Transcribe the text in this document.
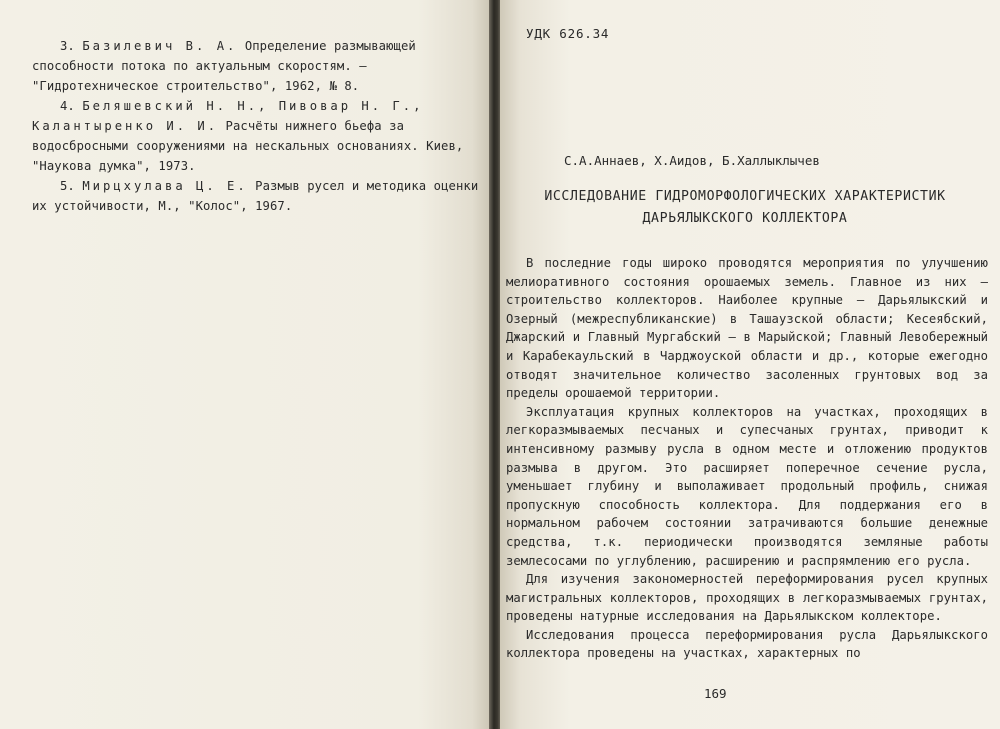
3. Базилевич В. А. Определение размывающей способности потока по актуальным скоростям. – "Гидротехническое строительство", 1962, № 8.

4. Беляшевский Н. Н., Пивовар Н. Г., Калантыренко И. И. Расчёты нижнего бьефа за водосбросными сооружениями на нескальных основаниях. Киев, "Наукова думка", 1973.

5. Мирцхулава Ц. Е. Размыв русел и методика оценки их устойчивости, М., "Колос", 1967.

УДК 626.34
С.А.Аннаев, Х.Аидов, Б.Халлыклычев
ИССЛЕДОВАНИЕ ГИДРОМОРФОЛОГИЧЕСКИХ ХАРАКТЕРИСТИК ДАРЬЯЛЫКСКОГО КОЛЛЕКТОРА

В последние годы широко проводятся мероприятия по улучшению мелиоративного состояния орошаемых земель. Главное из них – строительство коллекторов. Наиболее крупные – Дарьялыкский и Озерный (межреспубликанские) в Ташаузской области; Кесеябский, Джарский и Главный Мургабский – в Марыйской; Главный Левобережный и Карабекаульский в Чарджоуской области и др., которые ежегодно отводят значительное количество засоленных грунтовых вод за пределы орошаемой территории.

Эксплуатация крупных коллекторов на участках, проходящих в легкоразмываемых песчаных и супесчаных грунтах, приводит к интенсивному размыву русла в одном месте и отложению продуктов размыва в другом. Это расширяет поперечное сечение русла, уменьшает глубину и выполаживает продольный профиль, снижая пропускную способность коллектора. Для поддержания его в нормальном рабочем состоянии затрачиваются большие денежные средства, т.к. периодически производятся земляные работы землесосами по углублению, расширению и распрямлению его русла.

Для изучения закономерностей переформирования русел крупных магистральных коллекторов, проходящих в легкоразмываемых грунтах, проведены натурные исследования на Дарьялыкском коллекторе.

Исследования процесса переформирования русла Дарьялыкского коллектора проведены на участках, характерных по

169
